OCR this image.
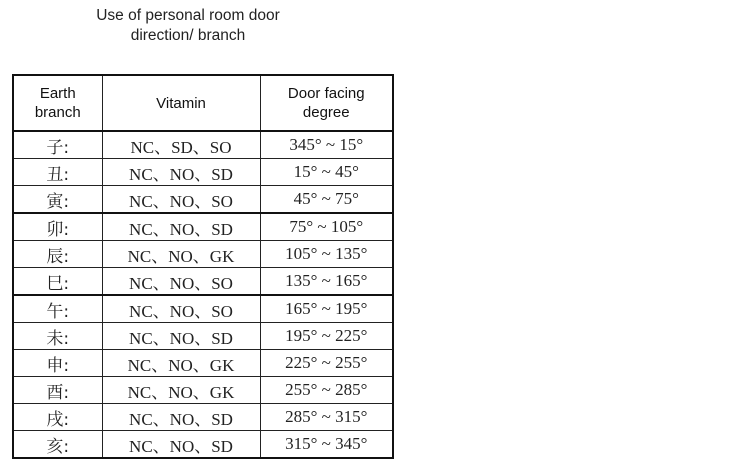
Use of personal room door
direction/ branch
Earth
branch	Vitamin	Door facing
degree

子:	NC、SD、SO	345° ~ 15°
丑:	NC、NO、SD	15° ~ 45°
寅:	NC、NO、SO	45° ~ 75°
卯:	NC、NO、SD	75° ~ 105°
辰:	NC、NO、GK	105° ~ 135°
巳:	NC、NO、SO	135° ~ 165°
午:	NC、NO、SO	165° ~ 195°
未:	NC、NO、SD	195° ~ 225°
申:	NC、NO、GK	225° ~ 255°
酉:	NC、NO、GK	255° ~ 285°
戌:	NC、NO、SD	285° ~ 315°
亥:	NC、NO、SD	315° ~ 345°
